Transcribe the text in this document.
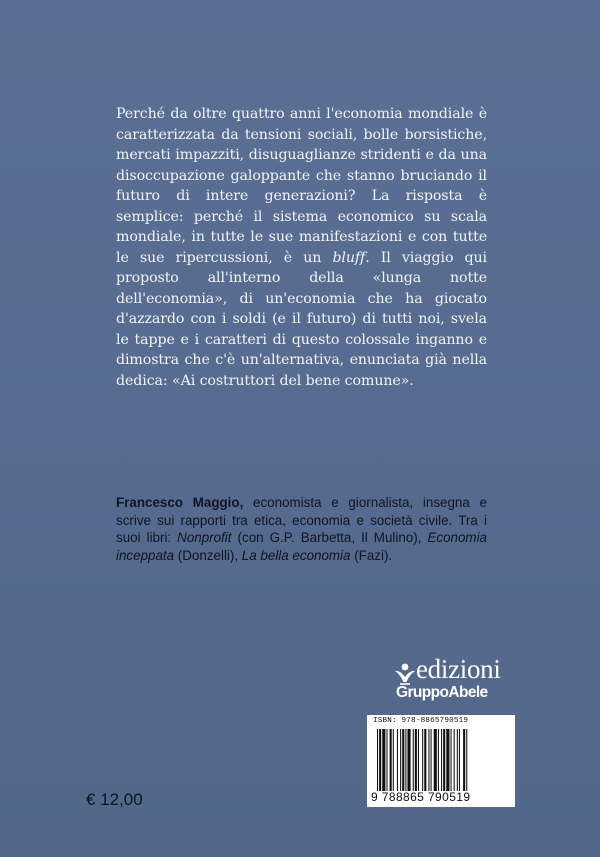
Perché da oltre quattro anni l'economia mondiale è caratterizzata da tensioni sociali, bolle borsistiche, mercati impazziti, disuguaglianze stridenti e da una disoccupazione galoppante che stanno bruciando il futuro di intere generazioni? La risposta è semplice: perché il sistema economico su scala mondiale, in tutte le sue manifestazioni e con tutte le sue ripercussioni, è un bluff. Il viaggio qui proposto all'interno della «lunga notte dell'economia», di un'economia che ha giocato d'azzardo con i soldi (e il futuro) di tutti noi, svela le tappe e i caratteri di questo colossale inganno e dimostra che c'è un'alternativa, enunciata già nella dedica: «Ai costruttori del bene comune».

Francesco Maggio, economista e giornalista, insegna e scrive sui rapporti tra etica, economia e società civile. Tra i suoi libri: Nonprofit (con G.P. Barbetta, Il Mulino), Economia inceppata (Donzelli), La bella economia (Fazi).

edizioni
GruppoAbele
ISBN: 978-8865790519
9 788865 790519
€ 12,00
